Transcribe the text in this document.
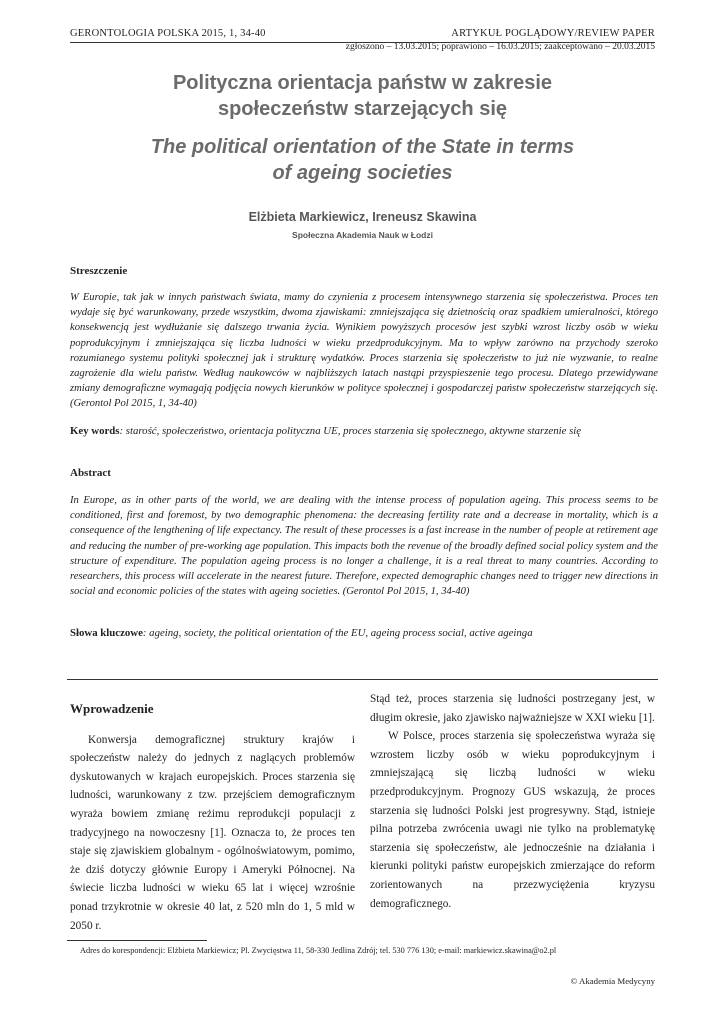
GERONTOLOGIA POLSKA 2015, 1, 34-40	ARTYKUŁ POGLĄDOWY/REVIEW PAPER
zgłoszono – 13.03.2015; poprawiono – 16.03.2015; zaakceptowano – 20.03.2015
Polityczna orientacja państw w zakresie
społeczeństw starzejących się
The political orientation of the State in terms
of ageing societies
Elżbieta Markiewicz, Ireneusz Skawina
Społeczna Akademia Nauk w Łodzi
Streszczenie
W Europie, tak jak w innych państwach świata, mamy do czynienia z procesem intensywnego starzenia się społeczeństwa. Proces ten wydaje się być warunkowany, przede wszystkim, dwoma zjawiskami: zmniejszająca się dzietnością oraz spadkiem umieralności, którego konsekwencją jest wydłużanie się dalszego trwania życia. Wynikiem powyższych procesów jest szybki wzrost liczby osób w wieku poprodukcyjnym i zmniejszająca się liczba ludności w wieku przedprodukcyjnym. Ma to wpływ zarówno na przychody szeroko rozumianego systemu polityki społecznej jak i strukturę wydatków. Proces starzenia się społeczeństw to już nie wyzwanie, to realne zagrożenie dla wielu państw. Według naukowców w najbliższych latach nastąpi przyspieszenie tego procesu. Dlatego przewidywane zmiany demograficzne wymagają podjęcia nowych kierunków w polityce społecznej i gospodarczej państw społeczeństw starzejących się. (Gerontol Pol 2015, 1, 34-40)
Key words: starość, społeczeństwo, orientacja polityczna UE, proces starzenia się społecznego, aktywne starzenie się
Abstract
In Europe, as in other parts of the world, we are dealing with the intense process of population ageing. This process seems to be conditioned, first and foremost, by two demographic phenomena: the decreasing fertility rate and a decrease in mortality, which is a consequence of the lengthening of life expectancy. The result of these processes is a fast increase in the number of people at retirement age and reducing the number of pre-working age population. This impacts both the revenue of the broadly defined social policy system and the structure of expenditure. The population ageing process is no longer a challenge, it is a real threat to many countries. According to researchers, this process will accelerate in the nearest future. Therefore, expected demographic changes need to trigger new directions in social and economic policies of the states with ageing societies. (Gerontol Pol 2015, 1, 34-40)
Słowa kluczowe: ageing, society, the political orientation of the EU, ageing process social, active ageinga
Wprowadzenie

Konwersja demograficznej struktury krajów i społeczeństw należy do jednych z naglących problemów dyskutowanych w krajach europejskich. Proces starzenia się ludności, warunkowany z tzw. przejściem demograficznym wyraża bowiem zmianę reżimu reprodukcji populacji z tradycyjnego na nowoczesny [1]. Oznacza to, że proces ten staje się zjawiskiem globalnym - ogólnoświatowym, pomimo, że dziś dotyczy głównie Europy i Ameryki Północnej. Na świecie liczba ludności w wieku 65 lat i więcej wzrośnie ponad trzykrotnie w okresie 40 lat, z 520 mln do 1, 5 mld w 2050 r.

Stąd też, proces starzenia się ludności postrzegany jest, w długim okresie, jako zjawisko najważniejsze w XXI wieku [1].

W Polsce, proces starzenia się społeczeństwa wyraża się wzrostem liczby osób w wieku poprodukcyjnym i zmniejszającą się liczbą ludności w wieku przedprodukcyjnym. Prognozy GUS wskazują, że proces starzenia się ludności Polski jest progresywny. Stąd, istnieje pilna potrzeba zwrócenia uwagi nie tylko na problematykę starzenia się społeczeństw, ale jednocześnie na działania i kierunki polityki państw europejskich zmierzające do reform zorientowanych na przezwyciężenia kryzysu demograficznego.

Adres do korespondencji: Elżbieta Markiewicz; Pl. Zwycięstwa 11, 58-330 Jedlina Zdrój; tel. 530 776 130; e-mail: markiewicz.skawina@o2.pl
© Akademia Medycyny
